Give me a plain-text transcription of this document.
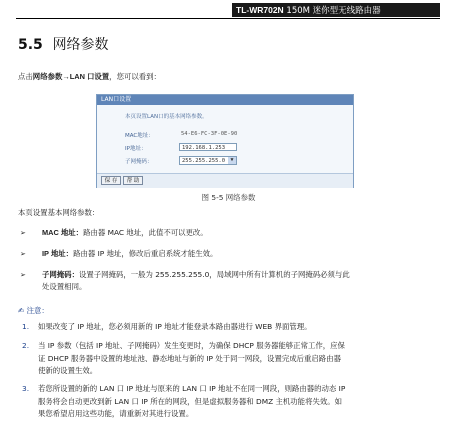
TL-WR702N 150M 迷你型无线路由器
5.5 网络参数
点击网络参数→LAN 口设置，您可以看到：
LAN口设置
本页设置LAN口的基本网络参数。
MAC地址：	54-E6-FC-3F-0E-90
IP地址：	192.168.1.253
子网掩码：	255.255.255.0	▼
保 存	帮 助
图 5-5 网络参数
本页设置基本网络参数：
➢ MAC 地址：路由器 MAC 地址，此值不可以更改。
➢ IP 地址：路由器 IP 地址，修改后重启系统才能生效。
➢ 子网掩码：设置子网掩码，一般为 255.255.255.0，局域网中所有计算机的子网掩码必须与此
处设置相同。
✍ 注意：
1. 如果改变了 IP 地址，您必须用新的 IP 地址才能登录本路由器进行 WEB 界面管理。
2. 当 IP 参数（包括 IP 地址、子网掩码）发生变更时，为确保 DHCP 服务器能够正常工作，应保
证 DHCP 服务器中设置的地址池、静态地址与新的 IP 处于同一网段，设置完成后重启路由器
使新的设置生效。
3. 若您所设置的新的 LAN 口 IP 地址与原来的 LAN 口 IP 地址不在同一网段，则路由器的动态 IP
服务将会自动更改到新 LAN 口 IP 所在的网段，但是虚拟服务器和 DMZ 主机功能将失效。如
果您希望启用这些功能，请重新对其进行设置。
